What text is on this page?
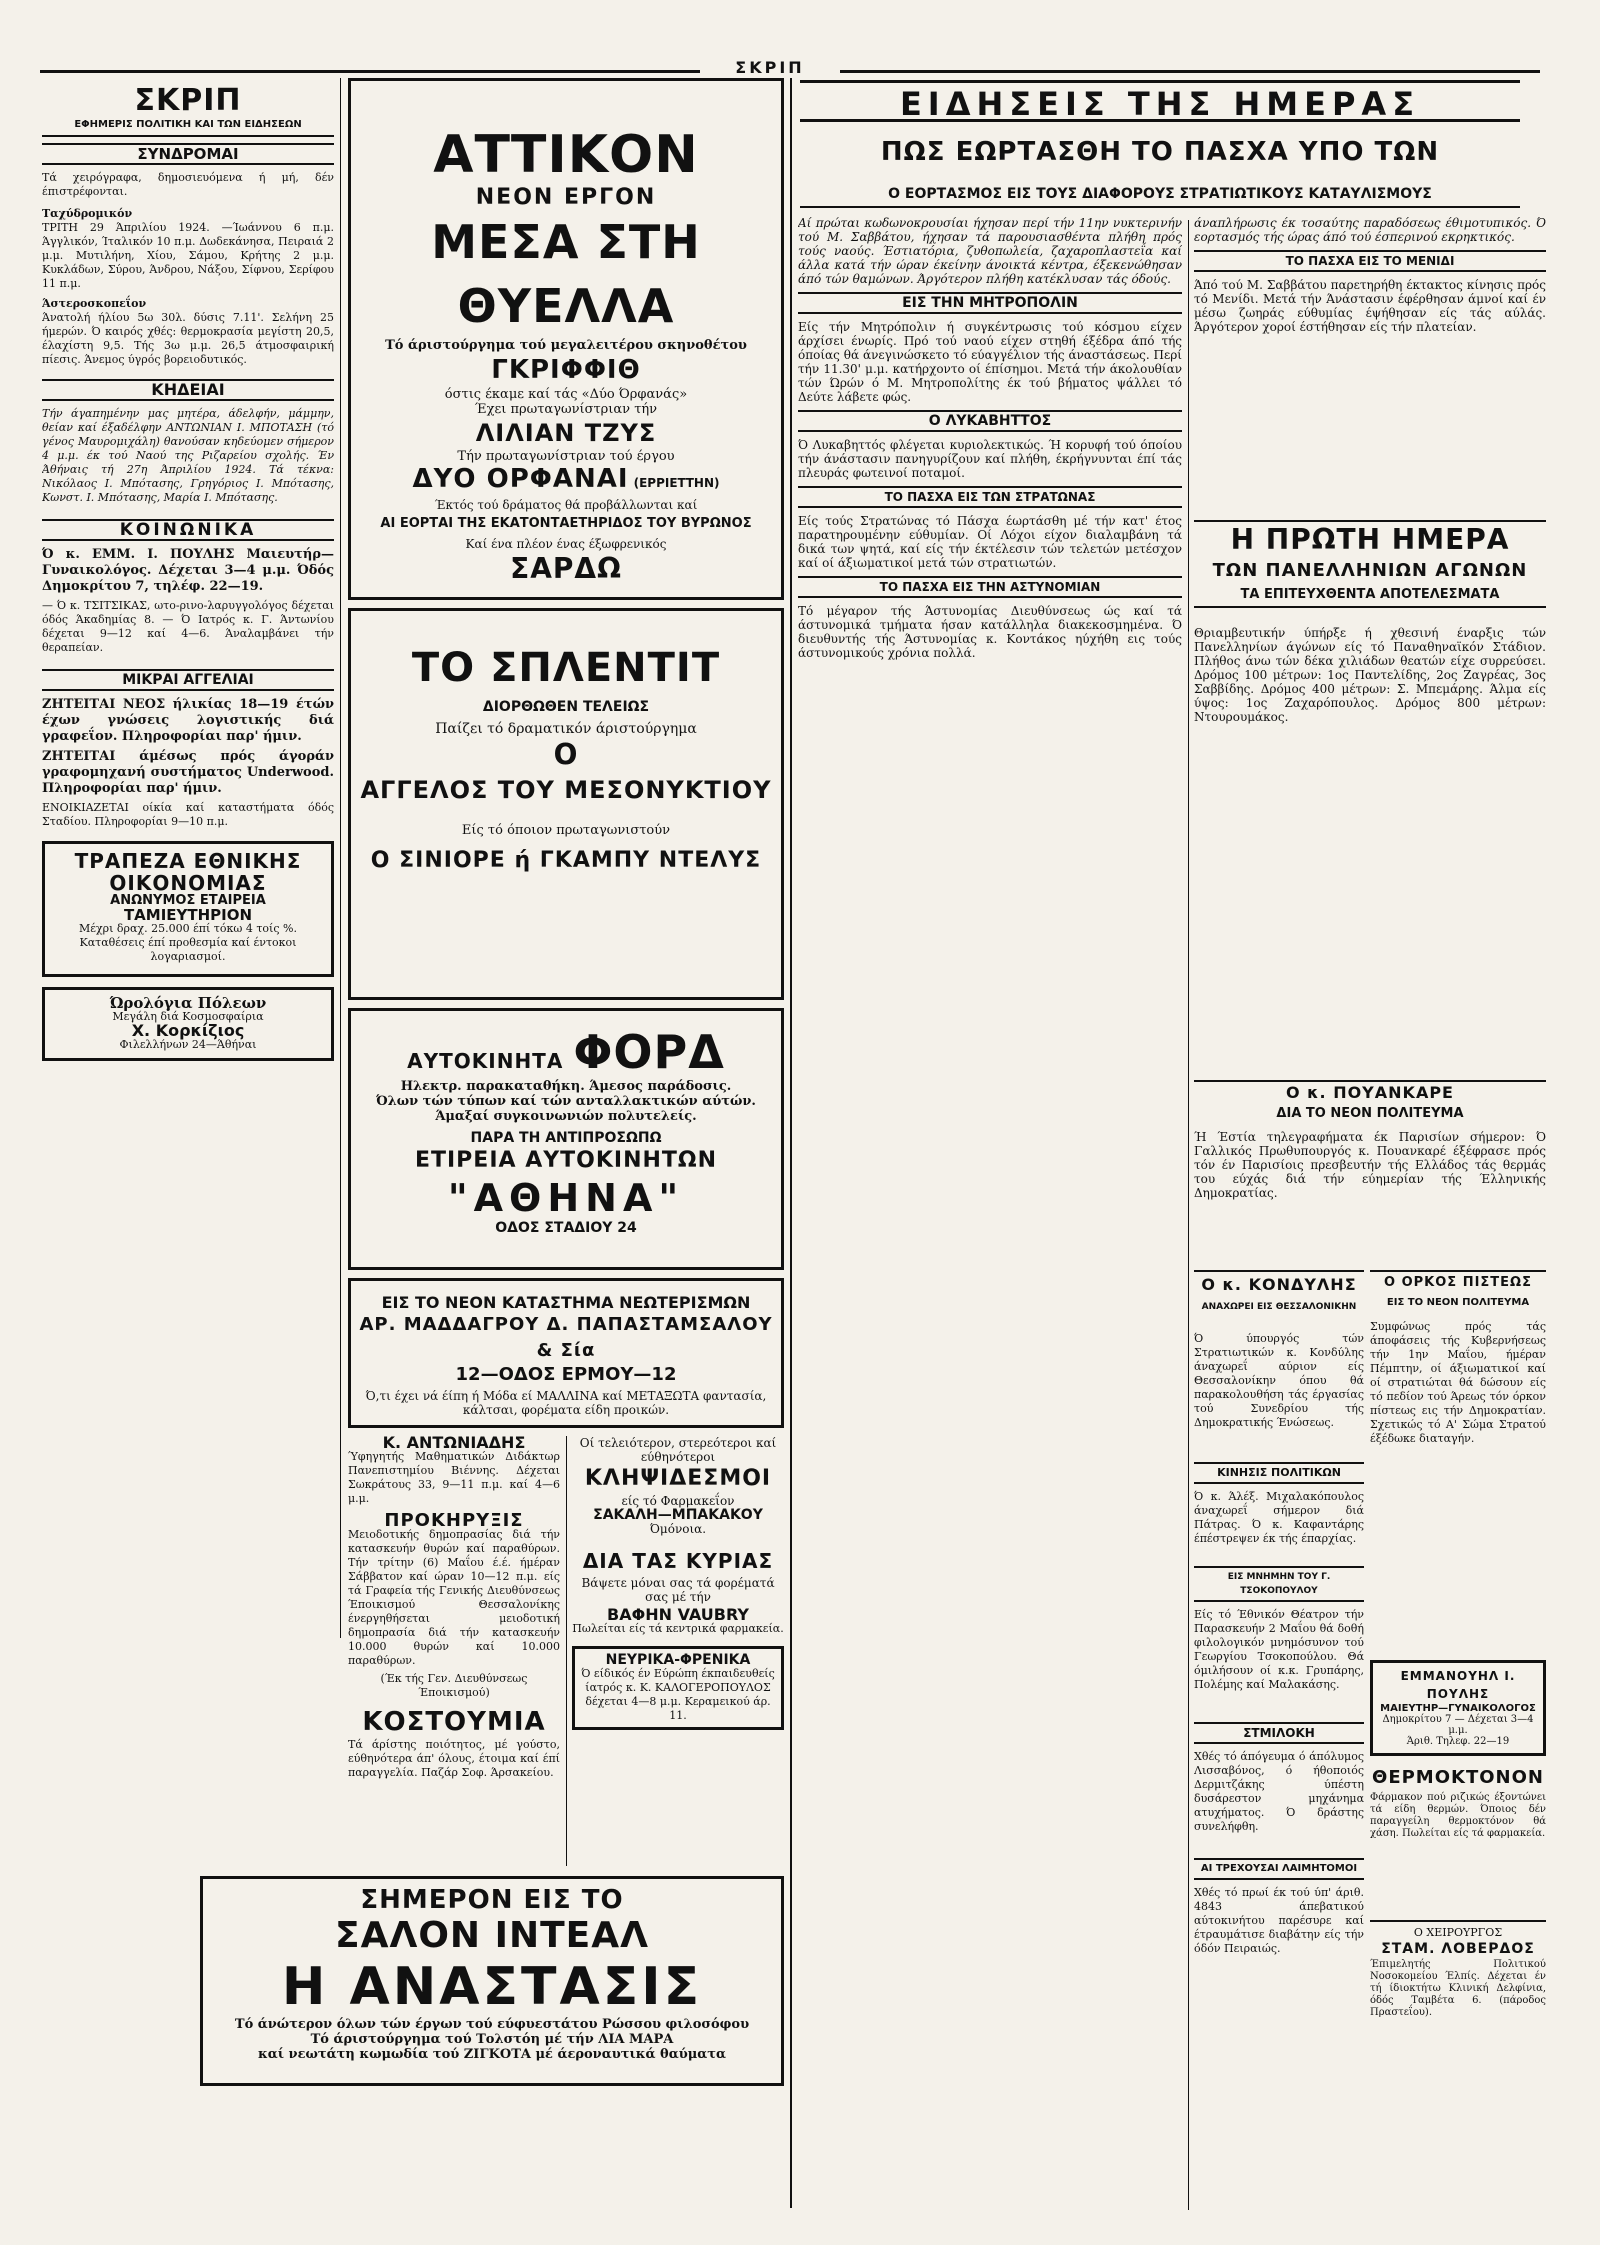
ΣΚΡΙΠ
ΣΚΡΙΠ
ΕΦΗΜΕΡΙΣ ΠΟΛΙΤΙΚΗ ΚΑΙ ΤΩΝ ΕΙΔΗΣΕΩΝ
ΣΥΝΔΡΟΜΑΙ

Τά χειρόγραφα, δημοσιευόμενα ή μή, δέν έπιστρέφονται.

Ταχύδρομικόν

ΤΡΙΤΗ 29 Άπριλίου 1924. —Ίωάννου 6 π.μ. Άγγλικόν, Ίταλικόν 10 π.μ. Δωδεκάνησα, Πειραιά 2 μ.μ. Μυτιλήνη, Χίου, Σάμου, Κρήτης 2 μ.μ. Κυκλάδων, Σύρου, Άνδρου, Νάξου, Σίφνου, Σερίφου 11 π.μ.

Άστεροσκοπεΐον

Άνατολή ήλίου 5ω 30λ. δύσις 7.11'. Σελήνη 25 ήμερών. Ό καιρός χθές: θερμοκρασία μεγίστη 20,5, έλαχίστη 9,5. Τής 3ω μ.μ. 26,5 άτμοσφαιρική πίεσις. Άνεμος ύγρός βορειοδυτικός.

ΚΗΔΕΙΑΙ

Τήν άγαπημένην μας μητέρα, άδελφήν, μάμμην, θείαν καί έξαδέλφην ΑΝΤΩΝΙΑΝ Ι. ΜΠΟΤΑΣΗ (τό γένος Μαυρομιχάλη) θανούσαν κηδεύομεν σήμερον 4 μ.μ. έκ τού Ναού της Ριζαρείου σχολής. Έν Άθήναις τή 27η Άπριλίου 1924. Τά τέκνα: Νικόλαος Ι. Μπότασης, Γρηγόριος Ι. Μπότασης, Κωνστ. Ι. Μπότασης, Μαρία Ι. Μπότασης.

ΚΟΙΝΩΝΙΚΑ

Ό κ. ΕΜΜ. Ι. ΠΟΥΛΗΣ Μαιευτήρ—Γυναικολόγος. Δέχεται 3—4 μ.μ. Όδός Δημοκρίτου 7, τηλέφ. 22—19.

— Ό κ. ΤΣΙΤΣΙΚΑΣ, ωτο-ρινο-λαρυγγολόγος δέχεται όδός Άκαδημίας 8. — Ό Ιατρός κ. Γ. Άντωνίου δέχεται 9—12 καί 4—6. Άναλαμβάνει τήν θεραπείαν.

ΜΙΚΡΑΙ ΑΓΓΕΛΙΑΙ

ΖΗΤΕΙΤΑΙ ΝΕΟΣ ήλικίας 18—19 έτών έχων γνώσεις λογιστικής διά γραφεΐον. Πληροφορίαι παρ' ήμιν.

ΖΗΤΕΙΤΑΙ άμέσως πρός άγοράν γραφομηχανή συστήματος Underwood. Πληροφορίαι παρ' ήμιν.

ΕΝΟΙΚΙΑΖΕΤΑΙ οίκία καί καταστήματα όδός Σταδίου. Πληροφορίαι 9—10 π.μ.

ΤΡΑΠΕΖΑ ΕΘΝΙΚΗΣ ΟΙΚΟΝΟΜΙΑΣ
ΑΝΩΝΥΜΟΣ ΕΤΑΙΡΕΙΑ
ΤΑΜΙΕΥΤΗΡΙΟΝ

Μέχρι δραχ. 25.000 έπί τόκω 4 τοίς %. Καταθέσεις έπί προθεσμία καί έντοκοι λογαριασμοί.

Ώρολόγια Πόλεων
Μεγάλη διά Κοσμοσφαίρια
Χ. Κορκίζιος
Φιλελλήνων 24—Άθήναι
ΑΤΤΙΚΟΝ
ΝΕΟΝ ΕΡΓΟΝ
ΜΕΣΑ ΣΤΗ ΘΥΕΛΛΑ
Τό άριστούργημα τού μεγαλειτέρου σκηνοθέτου
ΓΚΡΙΦΦΙΘ
όστις έκαμε καί τάς «Δύο Όρφανάς»
Έχει πρωταγωνίστριαν τήν
ΛΙΛΙΑΝ ΤΖΥΣ
Τήν πρωταγωνίστριαν τού έργου
ΔΥΟ ΟΡΦΑΝΑΙ (ΕΡΡΙΕΤΤΗΝ)
Έκτός τού δράματος θά προβάλλωνται καί
ΑΙ ΕΟΡΤΑΙ ΤΗΣ ΕΚΑΤΟΝΤΑΕΤΗΡΙΔΟΣ ΤΟΥ ΒΥΡΩΝΟΣ
Καί ένα πλέον ένας έξωφρενικός
ΣΑΡΔΩ
ΤΟ ΣΠΛΕΝΤΙΤ
ΔΙΟΡΘΩΘΕΝ ΤΕΛΕΙΩΣ
Παίζει τό δραματικόν άριστούργημα
Ο
ΑΓΓΕΛΟΣ ΤΟΥ ΜΕΣΟΝΥΚΤΙΟΥ
Είς τό όποιον πρωταγωνιστούν
Ο ΣΙΝΙΟΡΕ ή ΓΚΑΜΠΥ ΝΤΕΛΥΣ
ΑΥΤΟΚΙΝΗΤΑ ΦΟΡΔ
Ηλεκτρ. παρακαταθήκη. Άμεσος παράδοσις.
Όλων τών τύπων καί τών ανταλλακτικών αύτών. Άμαξαί συγκοινωνιών πολυτελείς.
ΠΑΡΑ ΤΗ ΑΝΤΙΠΡΟΣΩΠΩ
ΕΤΙΡΕΙΑ ΑΥΤΟΚΙΝΗΤΩΝ
"ΑΘΗΝΑ"
ΟΔΟΣ ΣΤΑΔΙΟΥ 24
ΕΙΣ ΤΟ ΝΕΟΝ ΚΑΤΑΣΤΗΜΑ ΝΕΩΤΕΡΙΣΜΩΝ
ΑΡ. ΜΑΔΔΑΓΡΟΥ Δ. ΠΑΠΑΣΤΑΜΣΑΛΟΥ & Σία
12—ΟΔΟΣ ΕΡΜΟΥ—12
Ό,τι έχει νά έίπη ή Μόδα εί ΜΑΛΛΙΝΑ καί ΜΕΤΑΞΩΤΑ φαντασία, κάλτσαι, φορέματα είδη προικών.
Κ. ΑΝΤΩΝΙΑΔΗΣ

Ύφηγητής Μαθηματικών Διδάκτωρ Πανεπιστημίου Βιέννης. Δέχεται Σωκράτους 33, 9—11 π.μ. καί 4—6 μ.μ.

ΠΡΟΚΗΡΥΞΙΣ

Μειοδοτικής δημοπρασίας διά τήν κατασκευήν θυρών καί παραθύρων. Τήν τρίτην (6) Μαΐου έ.έ. ήμέραν Σάββατον καί ώραν 10—12 π.μ. είς τά Γραφεία τής Γενικής Διευθύνσεως Έποικισμού Θεσσαλονίκης ένεργηθήσεται μειοδοτική δημοπρασία διά τήν κατασκευήν 10.000 θυρών καί 10.000 παραθύρων.

(Έκ τής Γεν. Διευθύνσεως Έποικισμού)

ΚΟΣΤΟΥΜΙΑ

Τά άρίστης ποιότητος, μέ γούστο, εύθηνότερα άπ' όλους, έτοιμα καί έπί παραγγελία. Παζάρ Σοφ. Άρσακείου.

Οί τελειότερον, στερεότεροι καί εύθηνότεροι
ΚΛΗΨΙΔΕΣΜΟΙ
είς τό Φαρμακεΐον
ΣΑΚΑΛΗ—ΜΠΑΚΑΚΟΥ
Όμόνοια.
ΔΙΑ ΤΑΣ ΚΥΡΙΑΣ
Βάψετε μόναι σας τά φορέματά σας μέ τήν
ΒΑΦΗΝ VAUBRY
Πωλείται είς τά κεντρικά φαρμακεία.
ΝΕΥΡΙΚΑ-ΦΡΕΝΙΚΑ
Ό είδικός έν Εύρώπη έκπαιδευθείς ίατρός κ. Κ. ΚΑΛΟΓΕΡΟΠΟΥΛΟΣ δέχεται 4—8 μ.μ. Κεραμεικού άρ. 11.
ΣΗΜΕΡΟΝ ΕΙΣ ΤΟ
ΣΑΛΟΝ ΙΝΤΕΑΛ
Η ΑΝΑΣΤΑΣΙΣ
Τό άνώτερον όλων τών έργων τού εύφυεστάτου Ρώσσου φιλοσόφου
Τό άριστούργημα τού Τολστόη μέ τήν ΛΙΑ ΜΑΡΑ
καί νεωτάτη κωμωδία τού ΖΙΓΚΟΤΑ μέ άεροναυτικά θαύματα
ΕΙΔΗΣΕΙΣ ΤΗΣ ΗΜΕΡΑΣ
ΠΩΣ ΕΩΡΤΑΣΘΗ ΤΟ ΠΑΣΧΑ ΥΠΟ ΤΩΝ
Ο ΕΟΡΤΑΣΜΟΣ ΕΙΣ ΤΟΥΣ ΔΙΑΦΟΡΟΥΣ ΣΤΡΑΤΙΩΤΙΚΟΥΣ ΚΑΤΑΥΛΙΣΜΟΥΣ

Αί πρώται κωδωνοκρουσίαι ήχησαν περί τήν 11ην νυκτερινήν τού Μ. Σαββάτου, ήχησαν τά παρουσιασθέντα πλήθη πρός τούς ναούς. Έστιατόρια, ζυθοπωλεία, ζαχαροπλαστεΐα καί άλλα κατά τήν ώραν έκείνην άνοικτά κέντρα, έξεκενώθησαν άπό τών θαμώνων. Άργότερον πλήθη κατέκλυσαν τάς όδούς.

ΕΙΣ ΤΗΝ ΜΗΤΡΟΠΟΛΙΝ

Είς τήν Μητρόπολιν ή συγκέντρωσις τού κόσμου είχεν άρχίσει ένωρίς. Πρό τού ναού είχεν στηθή έξέδρα άπό τής όποίας θά άνεγινώσκετο τό εύαγγέλιον τής άναστάσεως. Περί τήν 11.30' μ.μ. κατήρχοντο οί έπίσημοι. Μετά τήν άκολουθίαν τών Ώρών ό Μ. Μητροπολίτης έκ τού βήματος ψάλλει τό Δεύτε λάβετε φώς.

Ο ΛΥΚΑΒΗΤΤΟΣ

Ό Λυκαβηττός φλέγεται κυριολεκτικώς. Ή κορυφή τού όποίου τήν άνάστασιν πανηγυρίζουν καί πλήθη, έκρήγνυνται έπί τάς πλευράς φωτεινοί ποταμοί.

ΤΟ ΠΑΣΧΑ ΕΙΣ ΤΩΝ ΣΤΡΑΤΩΝΑΣ

Είς τούς Στρατώνας τό Πάσχα έωρτάσθη μέ τήν κατ' έτος παρατηρουμένην εύθυμίαν. Οί Λόχοι είχον διαλαμβάνη τά δικά των ψητά, καί είς τήν έκτέλεσιν τών τελετών μετέσχον καί οί άξιωματικοί μετά τών στρατιωτών.

ΤΟ ΠΑΣΧΑ ΕΙΣ ΤΗΝ ΑΣΤΥΝΟΜΙΑΝ

Τό μέγαρον τής Άστυνομίας Διευθύνσεως ώς καί τά άστυνομικά τμήματα ήσαν κατάλληλα διακεκοσμημένα. Ό διευθυντής τής Άστυνομίας κ. Κοντάκος ηύχήθη εις τούς άστυνομικούς χρόνια πολλά.

άναπλήρωσις έκ τοσαύτης παραδόσεως έθιμοτυπικός. Ό εορτασμός τής ώρας άπό τού έσπερινού εκρηκτικός.

ΤΟ ΠΑΣΧΑ ΕΙΣ ΤΟ ΜΕΝΙΔΙ

Άπό τού Μ. Σαββάτου παρετηρήθη έκτακτος κίνησις πρός τό Μενίδι. Μετά τήν Άνάστασιν έφέρθησαν άμνοί καί έν μέσω ζωηράς εύθυμίας έψήθησαν είς τάς αύλάς. Άργότερον χοροί έστήθησαν είς τήν πλατείαν.

Η ΠΡΩΤΗ ΗΜΕΡΑ
ΤΩΝ ΠΑΝΕΛΛΗΝΙΩΝ ΑΓΩΝΩΝ
ΤΑ ΕΠΙΤΕΥΧΘΕΝΤΑ ΑΠΟΤΕΛΕΣΜΑΤΑ

Θριαμβευτικήν ύπήρξε ή χθεσινή έναρξις τών Πανελληνίων άγώνων είς τό Παναθηναϊκόν Στάδιον. Πλήθος άνω τών δέκα χιλιάδων θεατών είχε συρρεύσει. Δρόμος 100 μέτρων: 1ος Παντελίδης, 2ος Ζαγρέας, 3ος Σαββίδης. Δρόμος 400 μέτρων: Σ. Μπεμάρης. Άλμα είς ύψος: 1ος Ζαχαρόπουλος. Δρόμος 800 μέτρων: Ντουρουμάκος.

Ο κ. ΠΟΥΑΝΚΑΡΕ
ΔΙΑ ΤΟ ΝΕΟΝ ΠΟΛΙΤΕΥΜΑ

Ή Έστία τηλεγραφήματα έκ Παρισίων σήμερον: Ό Γαλλικός Πρωθυπουργός κ. Πουανκαρέ έξέφρασε πρός τόν έν Παρισίοις πρεσβευτήν τής Ελλάδος τάς θερμάς του εύχάς διά τήν εύημερίαν τής Έλληνικής Δημοκρατίας.

Ο ΟΡΚΟΣ ΠΙΣΤΕΩΣ
ΕΙΣ ΤΟ ΝΕΟΝ ΠΟΛΙΤΕΥΜΑ

Συμφώνως πρός τάς άποφάσεις τής Κυβερνήσεως τήν 1ην Μαΐου, ήμέραν Πέμπτην, οί άξιωματικοί καί οί στρατιώται θά δώσουν είς τό πεδίον τού Άρεως τόν όρκον πίστεως εις τήν Δημοκρατίαν. Σχετικώς τό Α' Σώμα Στρατού έξέδωκε διαταγήν.

Ο κ. ΚΟΝΔΥΛΗΣ
ΑΝΑΧΩΡΕΙ ΕΙΣ ΘΕΣΣΑΛΟΝΙΚΗΝ

Ό ύπουργός τών Στρατιωτικών κ. Κονδύλης άναχωρεΐ αύριον είς Θεσσαλονίκην όπου θά παρακολουθήση τάς έργασίας τού Συνεδρίου τής Δημοκρατικής Ένώσεως.

ΚΙΝΗΣΙΣ ΠΟΛΙΤΙΚΩΝ

Ό κ. Άλέξ. Μιχαλακόπουλος άναχωρεΐ σήμερον διά Πάτρας. Ό κ. Καφαντάρης έπέστρεψεν έκ τής έπαρχίας.

ΕΙΣ ΜΝΗΜΗΝ ΤΟΥ Γ. ΤΣΟΚΟΠΟΥΛΟΥ

Είς τό Έθνικόν Θέατρον τήν Παρασκευήν 2 Μαΐου θά δοθή φιλολογικόν μνημόσυνον τού Γεωργίου Τσοκοπούλου. Θά όμιλήσουν οί κ.κ. Γρυπάρης, Πολέμης καί Μαλακάσης.

ΣΤΜΙΛΟΚΗ

Χθές τό άπόγευμα ό άπόλυμος Λισσαβόνος, ό ήθοποιός Δερμιτζάκης ύπέστη δυσάρεστον μηχάνημα ατυχήματος. Ό δράστης συνελήφθη.

ΑΙ ΤΡΕΧΟΥΣΑΙ ΛΑΙΜΗΤΟΜΟΙ

Χθές τό πρωί έκ τού ύπ' άριθ. 4843 άπεβατικού αύτοκινήτου παρέσυρε καί έτραυμάτισε διαβάτην είς τήν όδόν Πειραιώς.

ΕΜΜΑΝΟΥΗΛ Ι. ΠΟΥΛΗΣ
ΜΑΙΕΥΤΗΡ—ΓΥΝΑΙΚΟΛΟΓΟΣ
Δημοκρίτου 7 — Δέχεται 3—4 μ.μ.
Άριθ. Τηλεφ. 22—19
ΘΕΡΜΟΚΤΟΝΟΝ

Φάρμακον πού ριζικώς έξοντώνει τά είδη θερμών. Όποιος δέν παραγγείλη θερμοκτόνον θά χάση. Πωλείται είς τά φαρμακεία.

Ο ΧΕΙΡΟΥΡΓΟΣ
ΣΤΑΜ. ΛΟΒΕΡΔΟΣ

Έπιμελητής Πολιτικού Νοσοκομείου Έλπίς. Δέχεται έν τή ίδιοκτήτω Κλινική Δελφίνια, όδός Ταμβέτα 6. (πάροδος Πραστεΐου).
